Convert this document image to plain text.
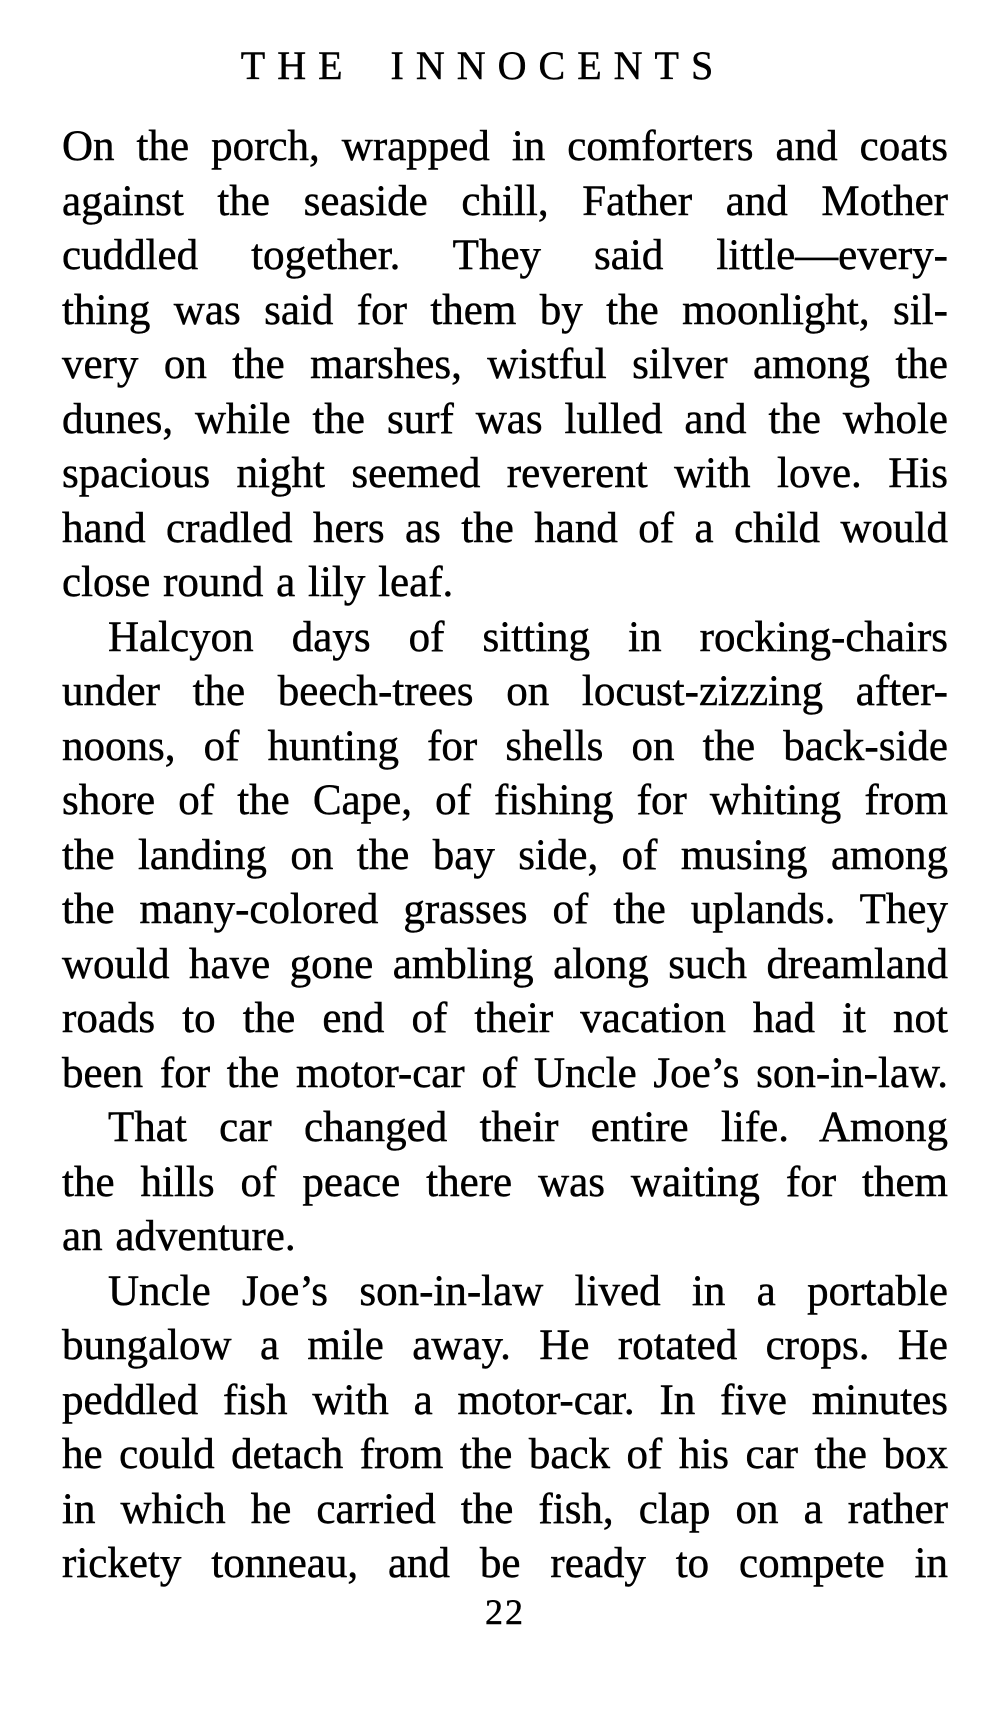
THE INNOCENTS
On the porch, wrapped in comforters and coats
against the seaside chill, Father and Mother
cuddled together. They said little—every-
thing was said for them by the moonlight, sil-
very on the marshes, wistful silver among the
dunes, while the surf was lulled and the whole
spacious night seemed reverent with love. His
hand cradled hers as the hand of a child would
close round a lily leaf.
Halcyon days of sitting in rocking-chairs
under the beech-trees on locust-zizzing after-
noons, of hunting for shells on the back-side
shore of the Cape, of fishing for whiting from
the landing on the bay side, of musing among
the many-colored grasses of the uplands. They
would have gone ambling along such dreamland
roads to the end of their vacation had it not
been for the motor-car of Uncle Joe’s son-in-law.
That car changed their entire life. Among
the hills of peace there was waiting for them
an adventure.
Uncle Joe’s son-in-law lived in a portable
bungalow a mile away. He rotated crops. He
peddled fish with a motor-car. In five minutes
he could detach from the back of his car the box
in which he carried the fish, clap on a rather
rickety tonneau, and be ready to compete in
22
